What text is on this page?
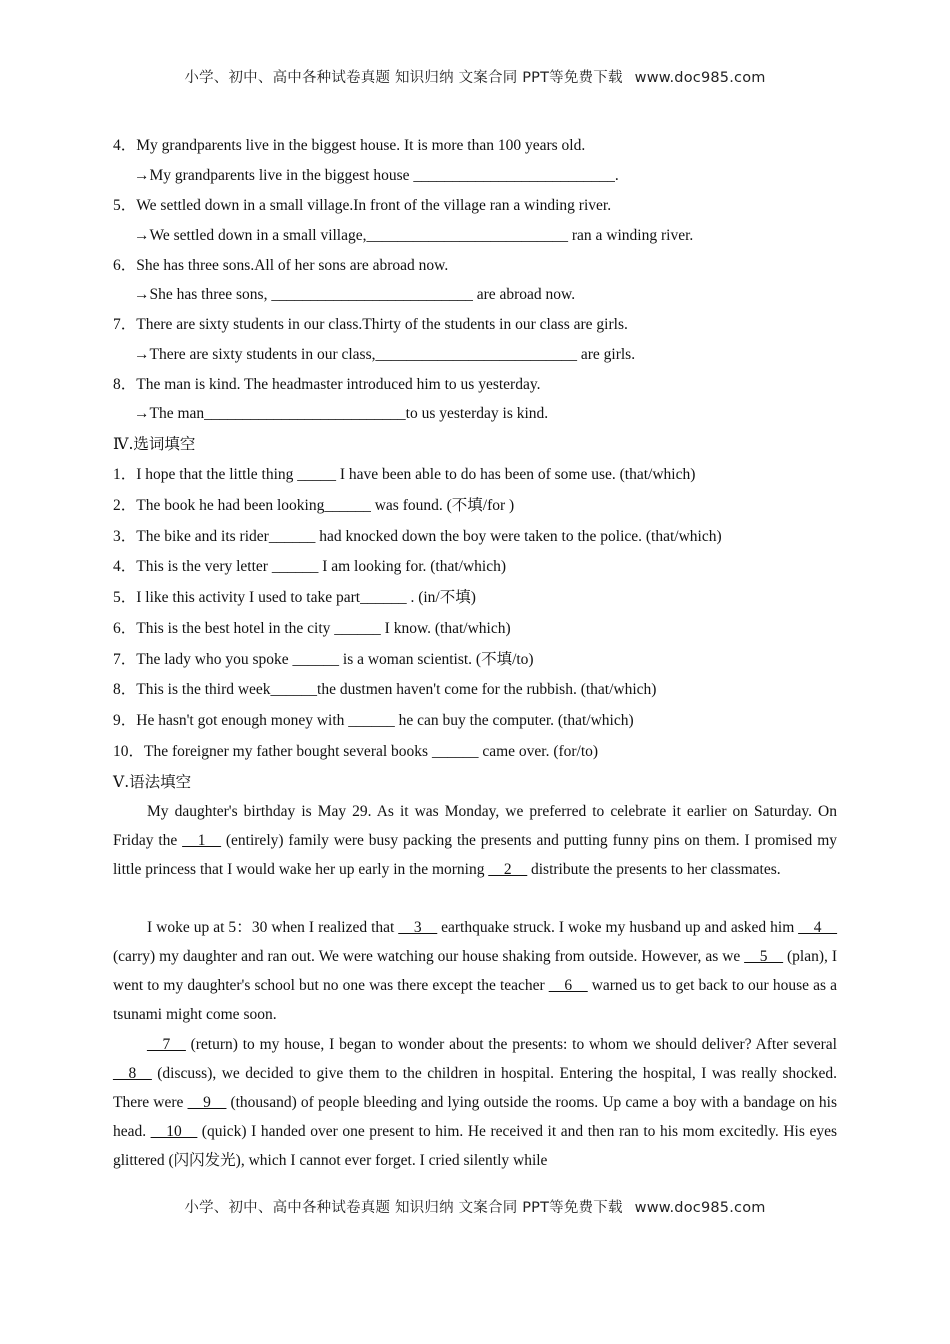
小学、初中、高中各种试卷真题 知识归纳 文案合同 PPT等免费下载 www.doc985.com
4．My grandparents live in the biggest house. It is more than 100 years old.
→My grandparents live in the biggest house __________________________.
5．We settled down in a small village.In front of the village ran a winding river.
→We settled down in a small village,__________________________ ran a winding river.
6．She has three sons.All of her sons are abroad now.
→She has three sons, __________________________ are abroad now.
7．There are sixty students in our class.Thirty of the students in our class are girls.
→There are sixty students in our class,__________________________ are girls.
8．The man is kind. The headmaster introduced him to us yesterday.
→The man__________________________to us yesterday is kind.
Ⅳ.选词填空
1．I hope that the little thing _____ I have been able to do has been of some use. (that/which)
2．The book he had been looking______ was found. (不填/for )
3．The bike and its rider______ had knocked down the boy were taken to the police. (that/which)
4．This is the very letter ______ I am looking for. (that/which)
5．I like this activity I used to take part______ . (in/不填)
6．This is the best hotel in the city ______ I know. (that/which)
7．The lady who you spoke ______ is a woman scientist. (不填/to)
8．This is the third week______the dustmen haven't come for the rubbish. (that/which)
9．He hasn't got enough money with ______ he can buy the computer. (that/which)
10．The foreigner my father bought several books ______ came over. (for/to)
Ⅴ.语法填空

My daughter's birthday is May 29. As it was Monday, we preferred to celebrate it earlier on Saturday. On Friday the __1__ (entirely) family were busy packing the presents and putting funny pins on them. I promised my little princess that I would wake her up early in the morning __2__ distribute the presents to her classmates.

I woke up at 5：30 when I realized that __3__ earthquake struck. I woke my husband up and asked him __4__ (carry) my daughter and ran out. We were watching our house shaking from outside. However, as we __5__ (plan), I went to my daughter's school but no one was there except the teacher __6__ warned us to get back to our house as a tsunami might come soon.

__7__ (return) to my house, I began to wonder about the presents: to whom we should deliver? After several __8__ (discuss), we decided to give them to the children in hospital. Entering the hospital, I was really shocked. There were __9__ (thousand) of people bleeding and lying outside the rooms. Up came a boy with a bandage on his head. __10__ (quick) I handed over one present to him. He received it and then ran to his mom excitedly. His eyes glittered (闪闪发光), which I cannot ever forget. I cried silently while

小学、初中、高中各种试卷真题 知识归纳 文案合同 PPT等免费下载 www.doc985.com
